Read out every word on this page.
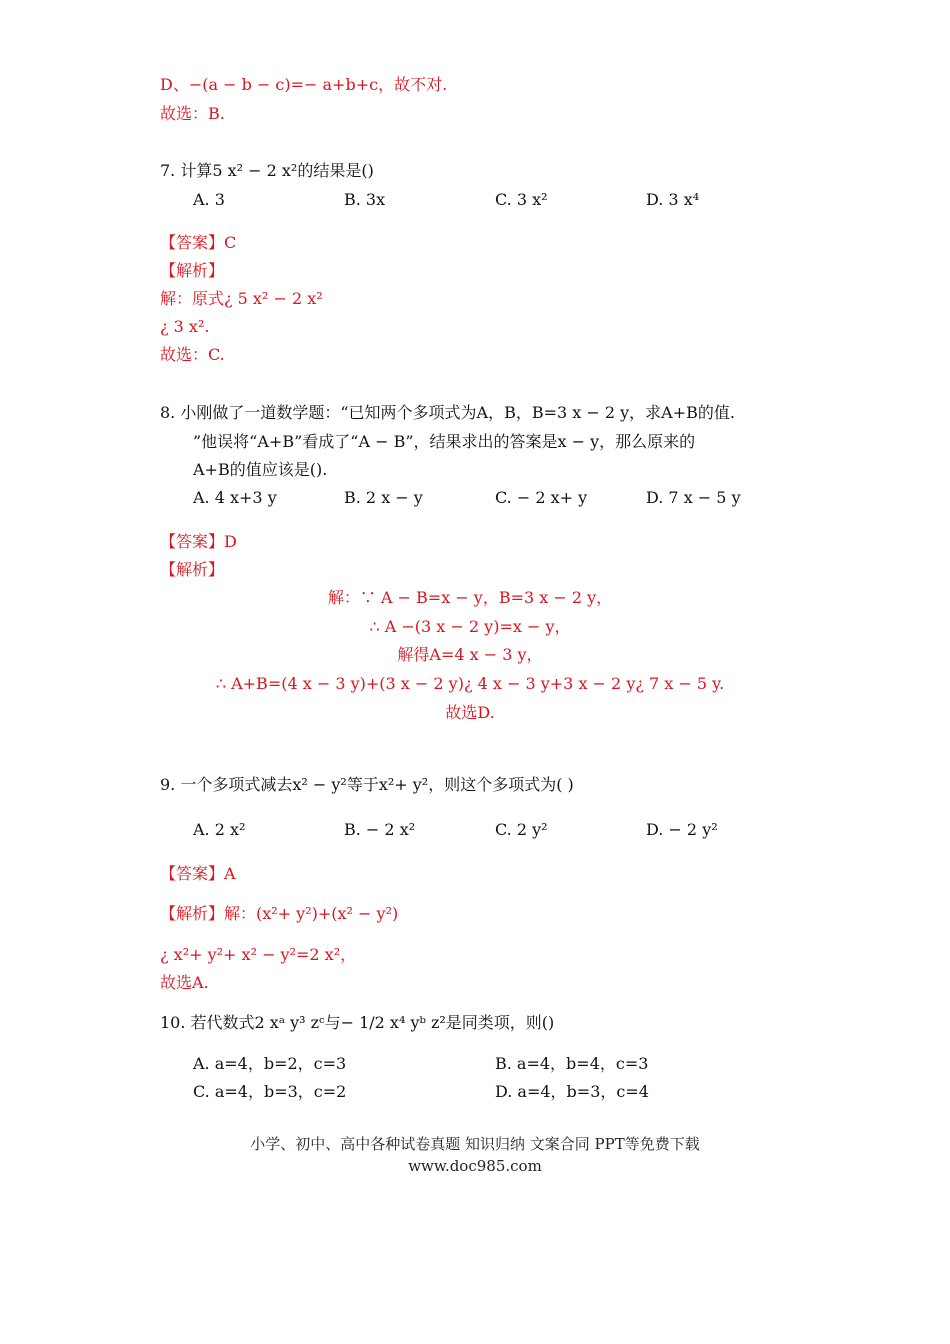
D、−(a − b − c)=− a+b+c，故不对.
故选：B.
7. 计算5 x² − 2 x²的结果是()
A. 3	B. 3x	C. 3 x²	D. 3 x⁴
【答案】C
【解析】
解：原式¿ 5 x² − 2 x²
¿ 3 x².
故选：C.
8. 小刚做了一道数学题：“已知两个多项式为A，B，B=3 x − 2 y，求A+B的值.
”他误将“A+B”看成了“A − B”，结果求出的答案是x − y，那么原来的
A+B的值应该是().
A. 4 x+3 y	B. 2 x − y	C. − 2 x+ y	D. 7 x − 5 y
【答案】D
【解析】
解：∵ A − B=x − y，B=3 x − 2 y，
∴ A −(3 x − 2 y)=x − y，
解得A=4 x − 3 y，
∴ A+B=(4 x − 3 y)+(3 x − 2 y)¿ 4 x − 3 y+3 x − 2 y¿ 7 x − 5 y.
故选D.
9. 一个多项式减去x² − y²等于x²+ y²，则这个多项式为( )
A. 2 x²	B. − 2 x²	C. 2 y²	D. − 2 y²
【答案】A
【解析】解：(x²+ y²)+(x² − y²)
¿ x²+ y²+ x² − y²=2 x²，
故选A.
10. 若代数式2 xᵃ y³ zᶜ与− 1/2 x⁴ yᵇ z²是同类项，则()
A. a=4，b=2，c=3	B. a=4，b=4，c=3
C. a=4，b=3，c=2	D. a=4，b=3，c=4
小学、初中、高中各种试卷真题 知识归纳 文案合同 PPT等免费下载
www.doc985.com
